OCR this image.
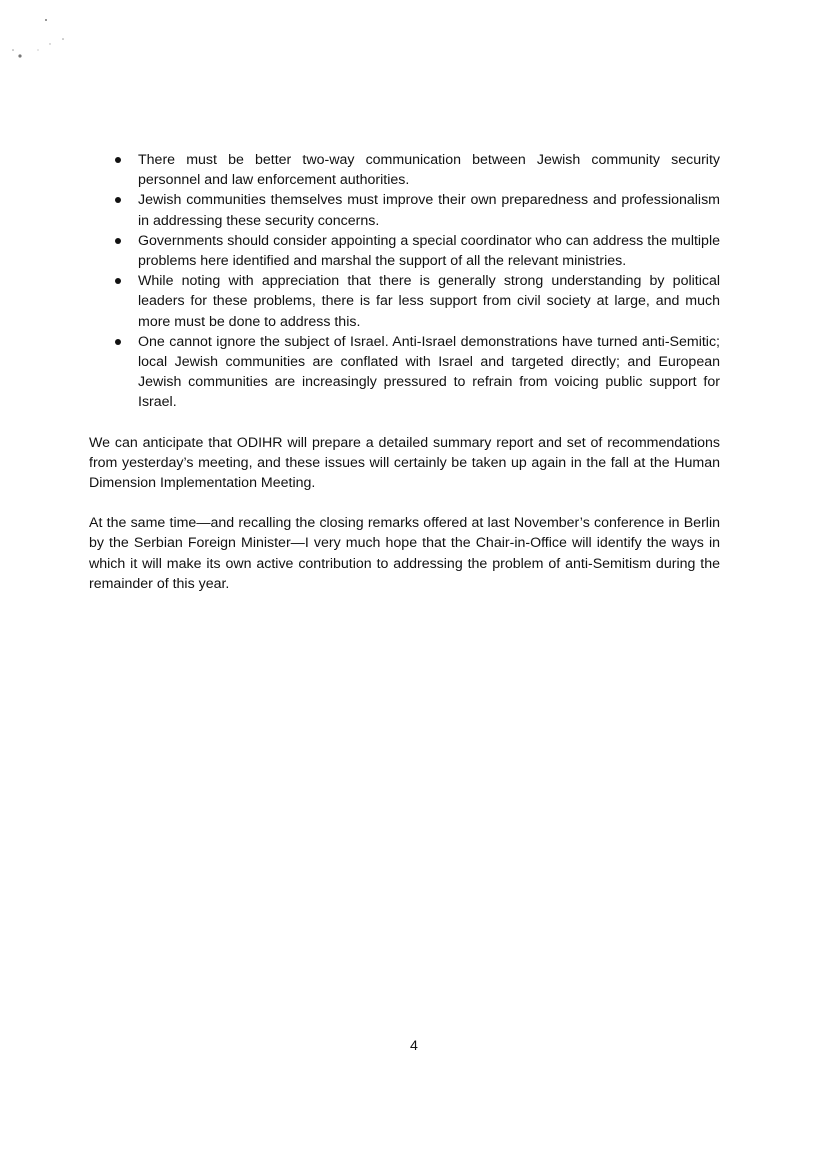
There must be better two-way communication between Jewish community security personnel and law enforcement authorities.
Jewish communities themselves must improve their own preparedness and professionalism in addressing these security concerns.
Governments should consider appointing a special coordinator who can address the multiple problems here identified and marshal the support of all the relevant ministries.
While noting with appreciation that there is generally strong understanding by political leaders for these problems, there is far less support from civil society at large, and much more must be done to address this.
One cannot ignore the subject of Israel. Anti-Israel demonstrations have turned anti-Semitic; local Jewish communities are conflated with Israel and targeted directly; and European Jewish communities are increasingly pressured to refrain from voicing public support for Israel.

We can anticipate that ODIHR will prepare a detailed summary report and set of recommendations from yesterday’s meeting, and these issues will certainly be taken up again in the fall at the Human Dimension Implementation Meeting.

At the same time—and recalling the closing remarks offered at last November’s conference in Berlin by the Serbian Foreign Minister—I very much hope that the Chair-in-Office will identify the ways in which it will make its own active contribution to addressing the problem of anti-Semitism during the remainder of this year.

4
